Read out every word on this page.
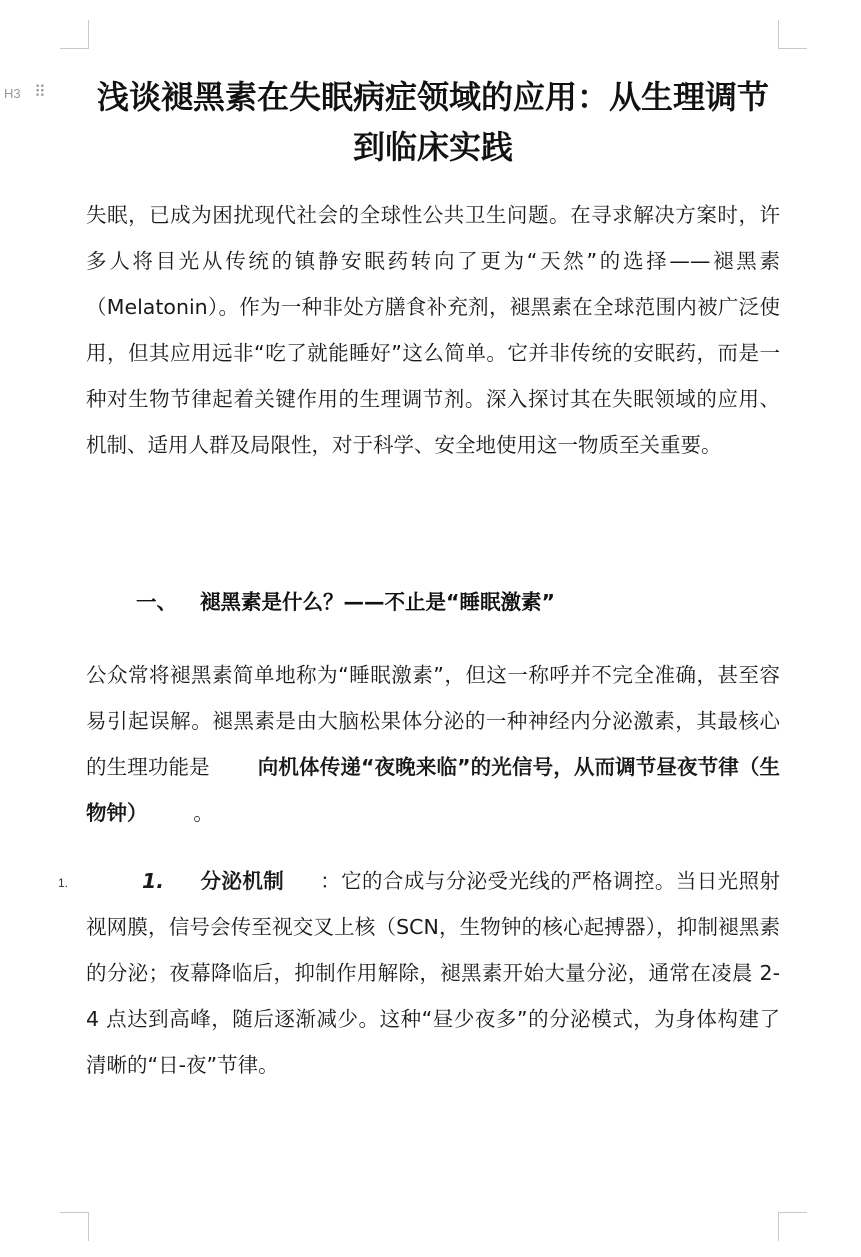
H3 ⠿	浅谈褪黑素在失眠病症领域的应用：从生理调节到临床实践

失眠，已成为困扰现代社会的全球性公共卫生问题。在寻求解决方案时，许多人将目光从传统的镇静安眠药转向了更为“天然”的选择——褪黑素（Melatonin）。作为一种非处方膳食补充剂，褪黑素在全球范围内被广泛使用，但其应用远非“吃了就能睡好”这么简单。它并非传统的安眠药，而是一种对生物节律起着关键作用的生理调节剂。深入探讨其在失眠领域的应用、机制、适用人群及局限性，对于科学、安全地使用这一物质至关重要。

一、 褪黑素是什么？——不止是“睡眠激素”

公众常将褪黑素简单地称为“睡眠激素”，但这一称呼并不完全准确，甚至容易引起误解。褪黑素是由大脑松果体分泌的一种神经内分泌激素，其最核心的生理功能是 向机体传递“夜晚来临”的光信号，从而调节昼夜节律（生物钟）	。

1.	1. 分泌机制 ：它的合成与分泌受光线的严格调控。当日光照射视网膜，信号会传至视交叉上核（SCN，生物钟的核心起搏器），抑制褪黑素的分泌；夜幕降临后，抑制作用解除，褪黑素开始大量分泌，通常在凌晨 2-4 点达到高峰，随后逐渐减少。这种“昼少夜多”的分泌模式，为身体构建了清晰的“日-夜”节律。
